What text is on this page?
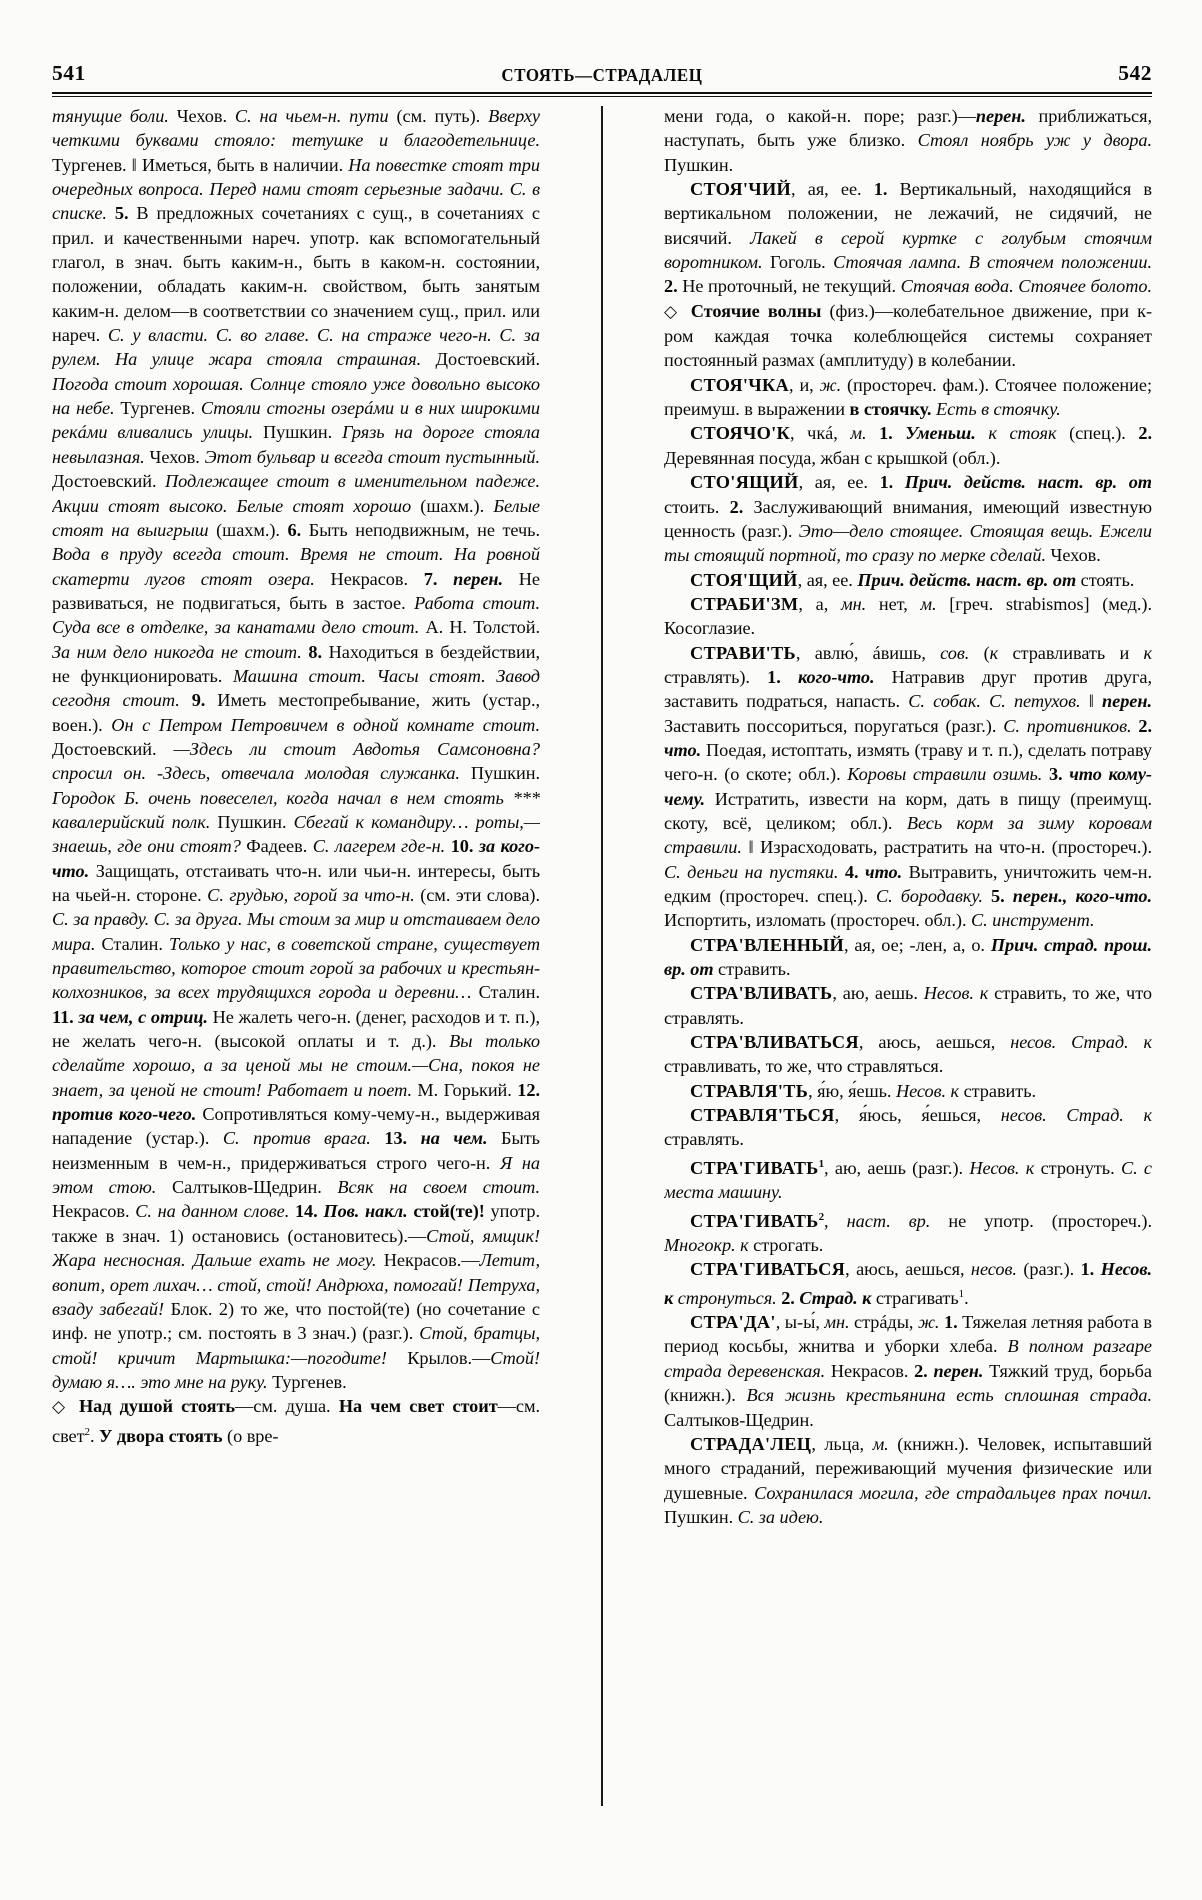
541	СТОЯТЬ—СТРАДАЛЕЦ	542

тянущие боли. Чехов. С. на чьем-н. пути (см. путь). Вверху четкими буквами стояло: тетушке и благодетельнице. Тургенев. ‖ Иметься, быть в наличии. На повестке стоят три очередных вопроса. Перед нами стоят серьезные задачи. С. в списке. 5. В предложных сочетаниях с сущ., в сочетаниях с прил. и качественными нареч. употр. как вспомогательный глагол, в знач. быть каким-н., быть в каком-н. состоянии, положении, обладать каким-н. свойством, быть занятым каким-н. делом—в соответствии со значением сущ., прил. или нареч. С. у власти. С. во главе. С. на страже чего-н. С. за рулем. На улице жара стояла страшная. Достоевский. Погода стоит хорошая. Солнце стояло уже довольно высоко на небе. Тургенев. Стояли стогны озерáми и в них широкими рекáми вливались улицы. Пушкин. Грязь на дороге стояла невылазная. Чехов. Этот бульвар и всегда стоит пустынный. Достоевский. Подлежащее стоит в именительном падеже. Акции стоят высоко. Белые стоят хорошо (шахм.). Белые стоят на выигрыш (шахм.). 6. Быть неподвижным, не течь. Вода в пруду всегда стоит. Время не стоит. На ровной скатерти лугов стоят озера. Некрасов. 7. перен. Не развиваться, не подвигаться, быть в застое. Работа стоит. Суда все в отделке, за канатами дело стоит. А. Н. Толстой. За ним дело никогда не стоит. 8. Находиться в бездействии, не функционировать. Машина стоит. Часы стоят. Завод сегодня стоит. 9. Иметь местопребывание, жить (устар., воен.). Он с Петром Петровичем в одной комнате стоит. Достоевский. —Здесь ли стоит Авдотья Самсоновна? спросил он. -Здесь, отвечала молодая служанка. Пушкин. Городок Б. очень повеселел, когда начал в нем стоять *** кавалерийский полк. Пушкин. Сбегай к командиру… роты,—знаешь, где они стоят? Фадеев. С. лагерем где-н. 10. за кого-что. Защищать, отстаивать что-н. или чьи-н. интересы, быть на чьей-н. стороне. С. грудью, горой за что-н. (см. эти слова). С. за правду. С. за друга. Мы стоим за мир и отстаиваем дело мира. Сталин. Только у нас, в советской стране, существует правительство, которое стоит горой за рабочих и крестьян-колхозников, за всех трудящихся города и деревни… Сталин. 11. за чем, с отриц. Не жалеть чего-н. (денег, расходов и т. п.), не желать чего-н. (высокой оплаты и т. д.). Вы только сделайте хорошо, а за ценой мы не стоим.—Сна, покоя не знает, за ценой не стоит! Работает и поет. М. Горький. 12. против кого-чего. Сопротивляться кому-чему-н., выдерживая нападение (устар.). С. против врага. 13. на чем. Быть неизменным в чем-н., придерживаться строго чего-н. Я на этом стою. Салтыков-Щедрин. Всяк на своем стоит. Некрасов. С. на данном слове. 14. Пов. накл. стой(те)! употр. также в знач. 1) остановись (остановитесь).—Стой, ямщик! Жара несносная. Дальше ехать не могу. Некрасов.—Летит, вопит, орет лихач… стой, стой! Андрюха, помогай! Петруха, взаду забегай! Блок. 2) то же, что постой(те) (но сочетание с инф. не употр.; см. постоять в 3 знач.) (разг.). Стой, братцы, стой! кричит Мартышка:—погодите! Крылов.—Стой! думаю я…. это мне на руку. Тургенев.

◇ Над душой стоять—см. душа. На чем свет стоит—см. свет$^2$. У двора стоять (о вре-

мени года, о какой-н. поре; разг.)—перен. приближаться, наступать, быть уже близко. Стоял ноябрь уж у двора. Пушкин.

СТОЯ'ЧИЙ, ая, ее. 1. Вертикальный, находящийся в вертикальном положении, не лежачий, не сидячий, не висячий. Лакей в серой куртке с голубым стоячим воротником. Гоголь. Стоячая лампа. В стоячем положении. 2. Не проточный, не текущий. Стоячая вода. Стоячее болото. ◇ Стоячие волны (физ.)—колебательное движение, при к-ром каждая точка колеблющейся системы сохраняет постоянный размах (амплитуду) в колебании.

СТОЯ'ЧКА, и, ж. (простореч. фам.). Стоячее положение; преимуш. в выражении в стоячку. Есть в стоячку.

СТОЯЧО'К, чкá, м. 1. Уменьш. к стояк (спец.). 2. Деревянная посуда, жбан с крышкой (обл.).

СТО'ЯЩИЙ, ая, ее. 1. Прич. действ. наст. вр. от стоить. 2. Заслуживающий внимания, имеющий известную ценность (разг.). Это—дело стоящее. Стоящая вещь. Ежели ты стоящий портной, то сразу по мерке сделай. Чехов.

СТОЯ'ЩИЙ, ая, ее. Прич. действ. наст. вр. от стоять.

СТРАБИ'ЗМ, а, мн. нет, м. [греч. strabismos] (мед.). Косоглазие.

СТРАВИ'ТЬ, авлю́, áвишь, сов. (к стравливать и к стравлять). 1. кого-что. Натравив друг против друга, заставить подраться, напасть. С. собак. С. петухов. ‖ перен. Заставить поссориться, поругаться (разг.). С. противников. 2. что. Поедая, истоптать, измять (траву и т. п.), сделать потраву чего-н. (о скоте; обл.). Коровы стравили озимь. 3. что кому-чему. Истратить, извести на корм, дать в пищу (преимущ. скоту, всё, целиком; обл.). Весь корм за зиму коровам стравили. ‖ Израсходовать, растратить на что-н. (простореч.). С. деньги на пустяки. 4. что. Вытравить, уничтожить чем-н. едким (простореч. спец.). С. бородавку. 5. перен., кого-что. Испортить, изломать (простореч. обл.). С. инструмент.

СТРА'ВЛЕННЫЙ, ая, ое; -лен, а, о. Прич. страд. прош. вр. от стравить.

СТРА'ВЛИВАТЬ, аю, аешь. Несов. к стравить, то же, что стравлять.

СТРА'ВЛИВАТЬСЯ, аюсь, аешься, несов. Страд. к стравливать, то же, что стравляться.

СТРАВЛЯ'ТЬ, я́ю, я́ешь. Несов. к стравить.

СТРАВЛЯ'ТЬСЯ, я́юсь, я́ешься, несов. Страд. к стравлять.

СТРА'ГИВАТЬ$^1$, аю, аешь (разг.). Несов. к стронуть. С. с места машину.

СТРА'ГИВАТЬ$^2$, наст. вр. не употр. (простореч.). Многокр. к строгать.

СТРА'ГИВАТЬСЯ, аюсь, аешься, несов. (разг.). 1. Несов. к стронуться. 2. Страд. к страгивать$^1$.

СТРА'ДА', ы-ы́, мн. стрáды, ж. 1. Тяжелая летняя работа в период косьбы, жнитва и уборки хлеба. В полном разгаре страда деревенская. Некрасов. 2. перен. Тяжкий труд, борьба (книжн.). Вся жизнь крестьянина есть сплошная страда. Салтыков-Щедрин.

СТРАДА'ЛЕЦ, льца, м. (книжн.). Человек, испытавший много страданий, переживающий мучения физические или душевные. Сохранилася могила, где страдальцев прах почил. Пушкин. С. за идею.
